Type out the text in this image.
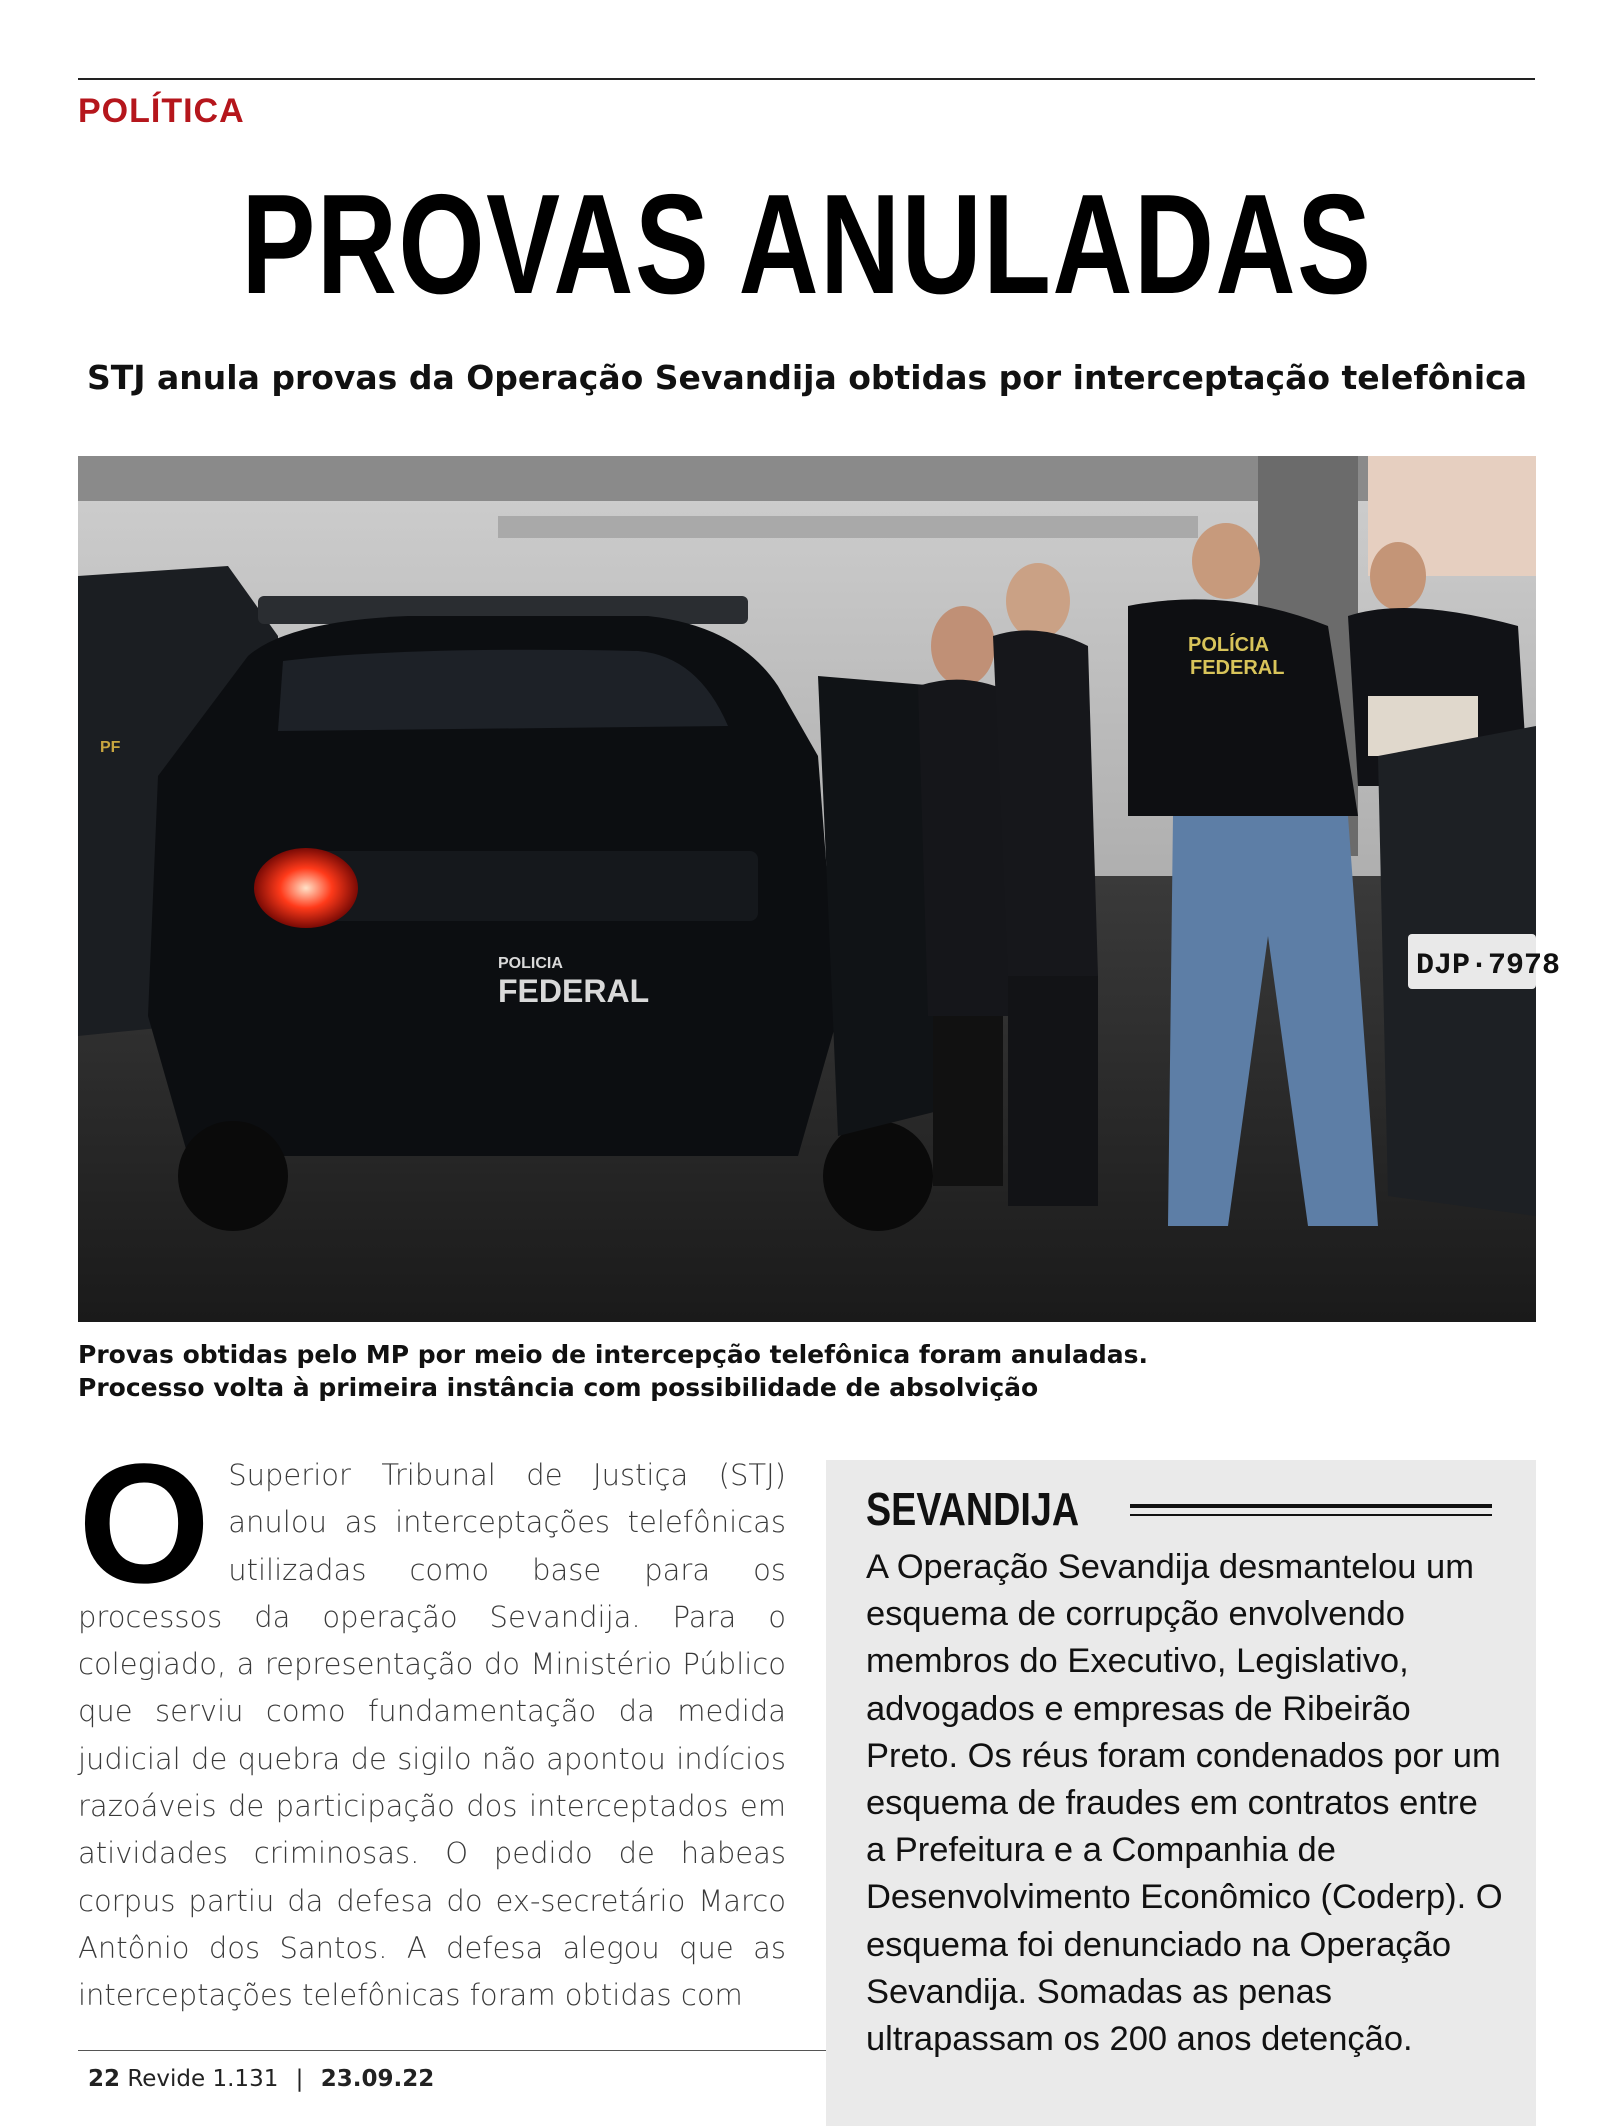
POLÍTICA
PROVAS ANULADAS
STJ anula provas da Operação Sevandija obtidas por interceptação telefônica
PF
POLICIA
FEDERAL
POLÍCIA
FEDERAL
DJP·7978
Provas obtidas pelo MP por meio de intercepção telefônica foram anuladas.
Processo volta à primeira instância com possibilidade de absolvição
O Superior Tribunal de Justiça (STJ) anulou as interceptações telefônicas utilizadas como base para os processos da operação Sevandija. Para o colegiado, a representação do Ministério Público que serviu como fundamentação da medida judicial de quebra de sigilo não apontou indícios razoáveis de participação dos interceptados em atividades criminosas. O pedido de habeas corpus partiu da defesa do ex-secretário Marco Antônio dos Santos. A defesa alegou que as interceptações telefônicas foram obtidas com
SEVANDIJA
A Operação Sevandija desmantelou um esquema de corrupção envolvendo membros do Executivo, Legislativo, advogados e empresas de Ribeirão Preto. Os réus foram condenados por um esquema de fraudes em contratos entre a Prefeitura e a Companhia de Desenvolvimento Econômico (Coderp). O esquema foi denunciado na Operação Sevandija. Somadas as penas ultrapassam os 200 anos detenção.
22 Revide 1.131 | 23.09.22
